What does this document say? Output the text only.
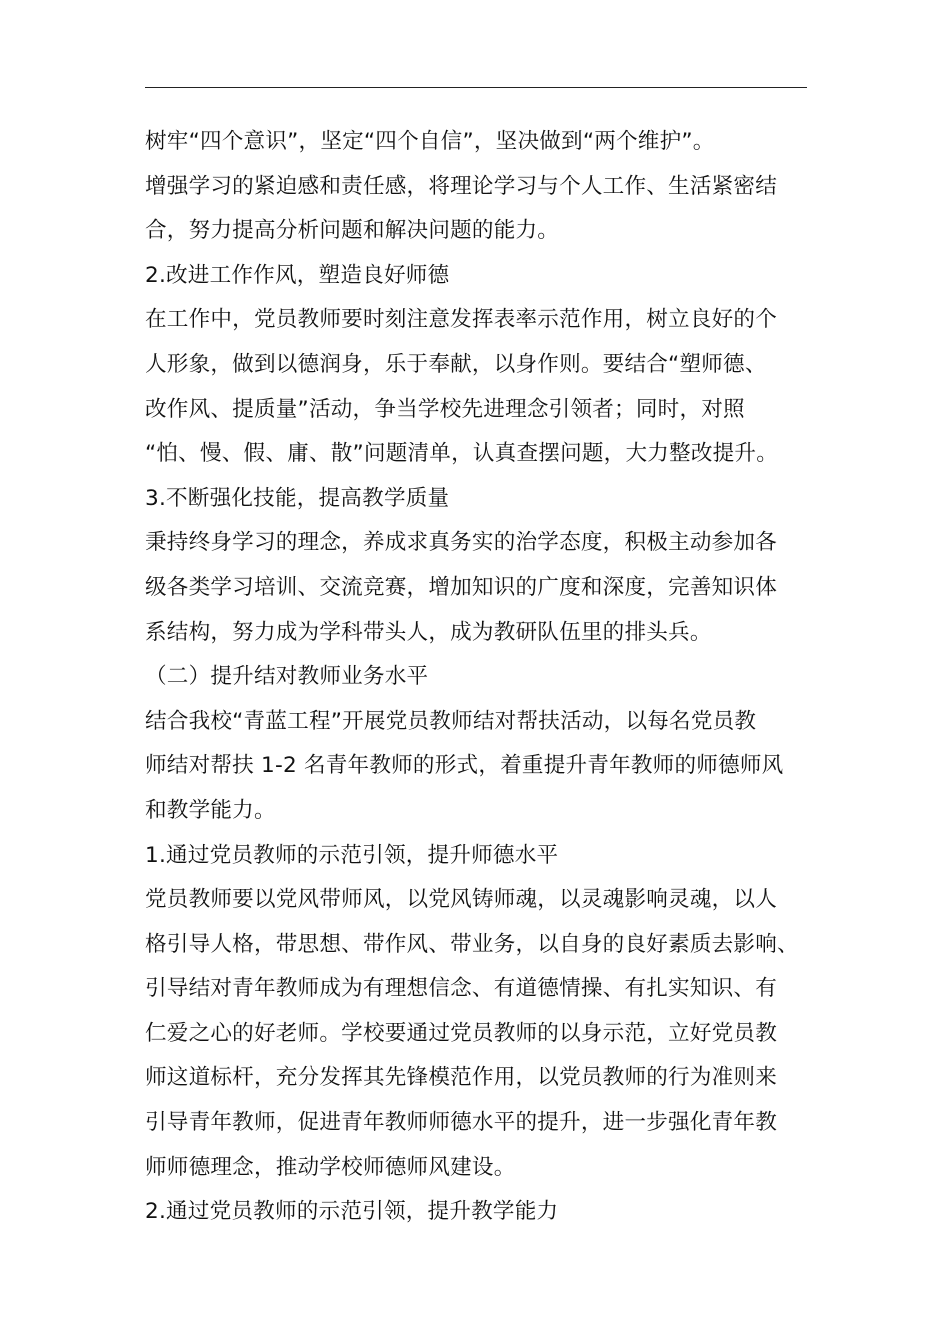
树牢“四个意识”，坚定“四个自信”，坚决做到“两个维护”。
增强学习的紧迫感和责任感，将理论学习与个人工作、生活紧密结
合，努力提高分析问题和解决问题的能力。
2.改进工作作风，塑造良好师德
在工作中，党员教师要时刻注意发挥表率示范作用，树立良好的个
人形象，做到以德润身，乐于奉献，以身作则。要结合“塑师德、
改作风、提质量”活动，争当学校先进理念引领者；同时，对照
“怕、慢、假、庸、散”问题清单，认真查摆问题，大力整改提升。
3.不断强化技能，提高教学质量
秉持终身学习的理念，养成求真务实的治学态度，积极主动参加各
级各类学习培训、交流竞赛，增加知识的广度和深度，完善知识体
系结构，努力成为学科带头人，成为教研队伍里的排头兵。
（二）提升结对教师业务水平
结合我校“青蓝工程”开展党员教师结对帮扶活动，以每名党员教
师结对帮扶 1-2 名青年教师的形式，着重提升青年教师的师德师风
和教学能力。
1.通过党员教师的示范引领，提升师德水平
党员教师要以党风带师风，以党风铸师魂，以灵魂影响灵魂，以人
格引导人格，带思想、带作风、带业务，以自身的良好素质去影响、
引导结对青年教师成为有理想信念、有道德情操、有扎实知识、有
仁爱之心的好老师。学校要通过党员教师的以身示范，立好党员教
师这道标杆，充分发挥其先锋模范作用，以党员教师的行为准则来
引导青年教师，促进青年教师师德水平的提升，进一步强化青年教
师师德理念，推动学校师德师风建设。
2.通过党员教师的示范引领，提升教学能力
